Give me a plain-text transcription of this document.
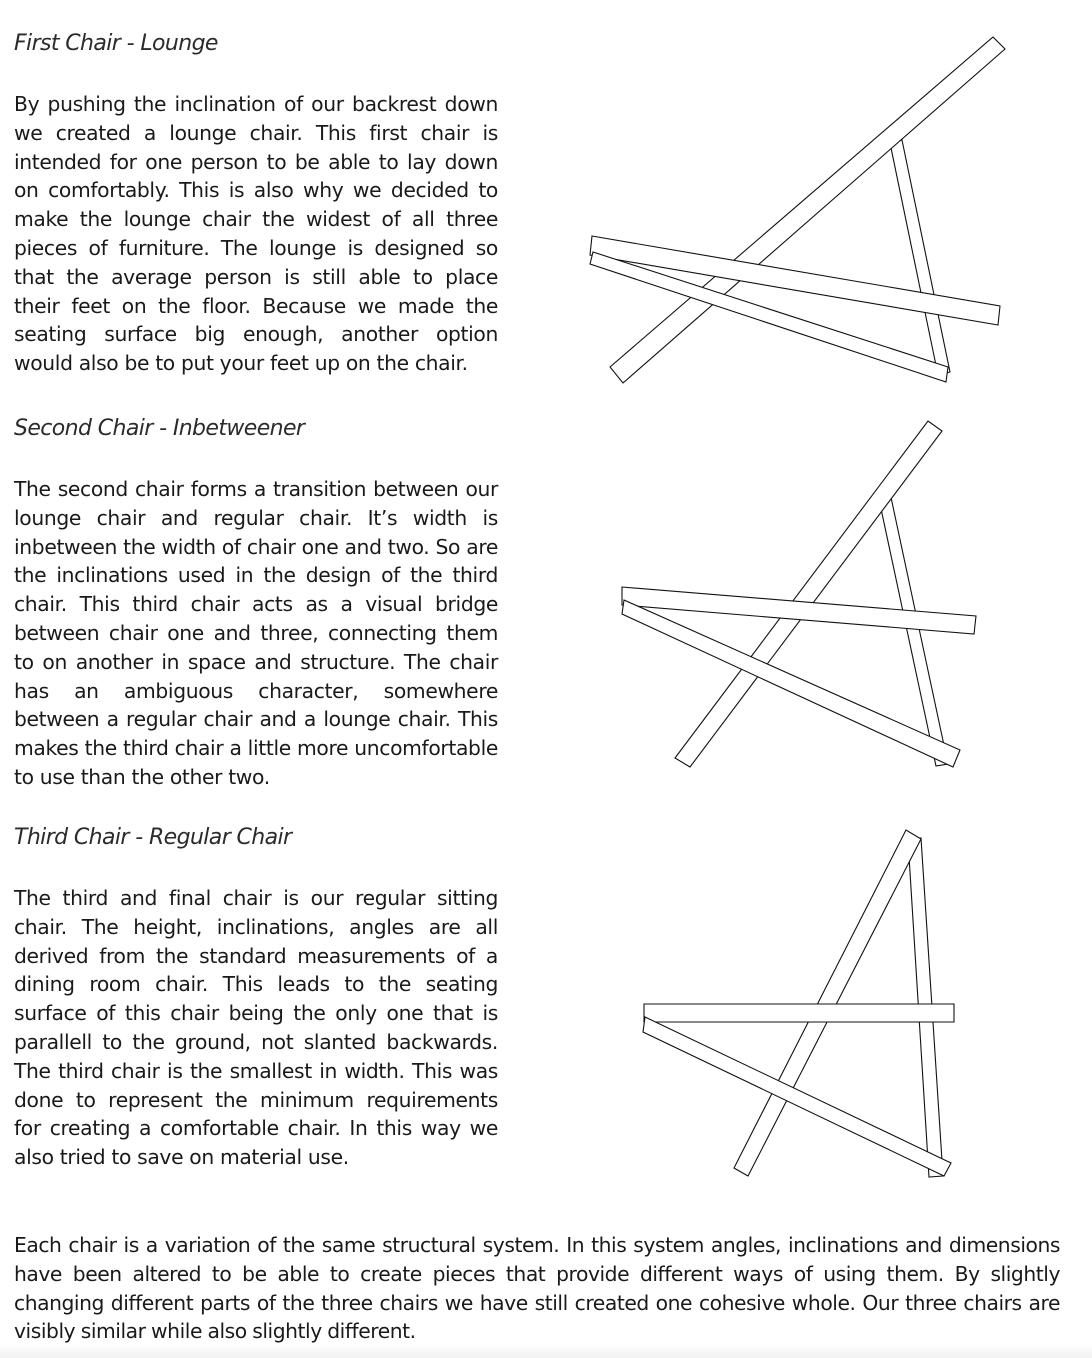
First Chair - Lounge

By pushing the inclination of our backrest down we created a lounge chair. This first chair is intended for one person to be able to lay down on comfortably. This is also why we decided to make the lounge chair the widest of all three pieces of furniture. The lounge is designed so that the average person is still able to place their feet on the floor. Because we made the seating surface big enough, another option would also be to put your feet up on the chair.

Second Chair - Inbetweener

The second chair forms a transition between our lounge chair and regular chair. It’s width is inbetween the width of chair one and two. So are the inclinations used in the design of the third chair. This third chair acts as a visual bridge between chair one and three, connecting them to on another in space and structure. The chair has an ambiguous character, somewhere between a regular chair and a lounge chair. This makes the third chair a little more uncomfortable to use than the other two.

Third Chair - Regular Chair

The third and final chair is our regular sitting chair. The height, inclinations, angles are all derived from the standard measurements of a dining room chair. This leads to the seating surface of this chair being the only one that is parallell to the ground, not slanted backwards. The third chair is the smallest in width. This was done to represent the minimum requirements for creating a comfortable chair. In this way we also tried to save on material use.

Each chair is a variation of the same structural system. In this system angles, inclinations and dimensions have been altered to be able to create pieces that provide different ways of using them. By slightly changing different parts of the three chairs we have still created one cohesive whole. Our three chairs are visibly similar while also slightly different.
